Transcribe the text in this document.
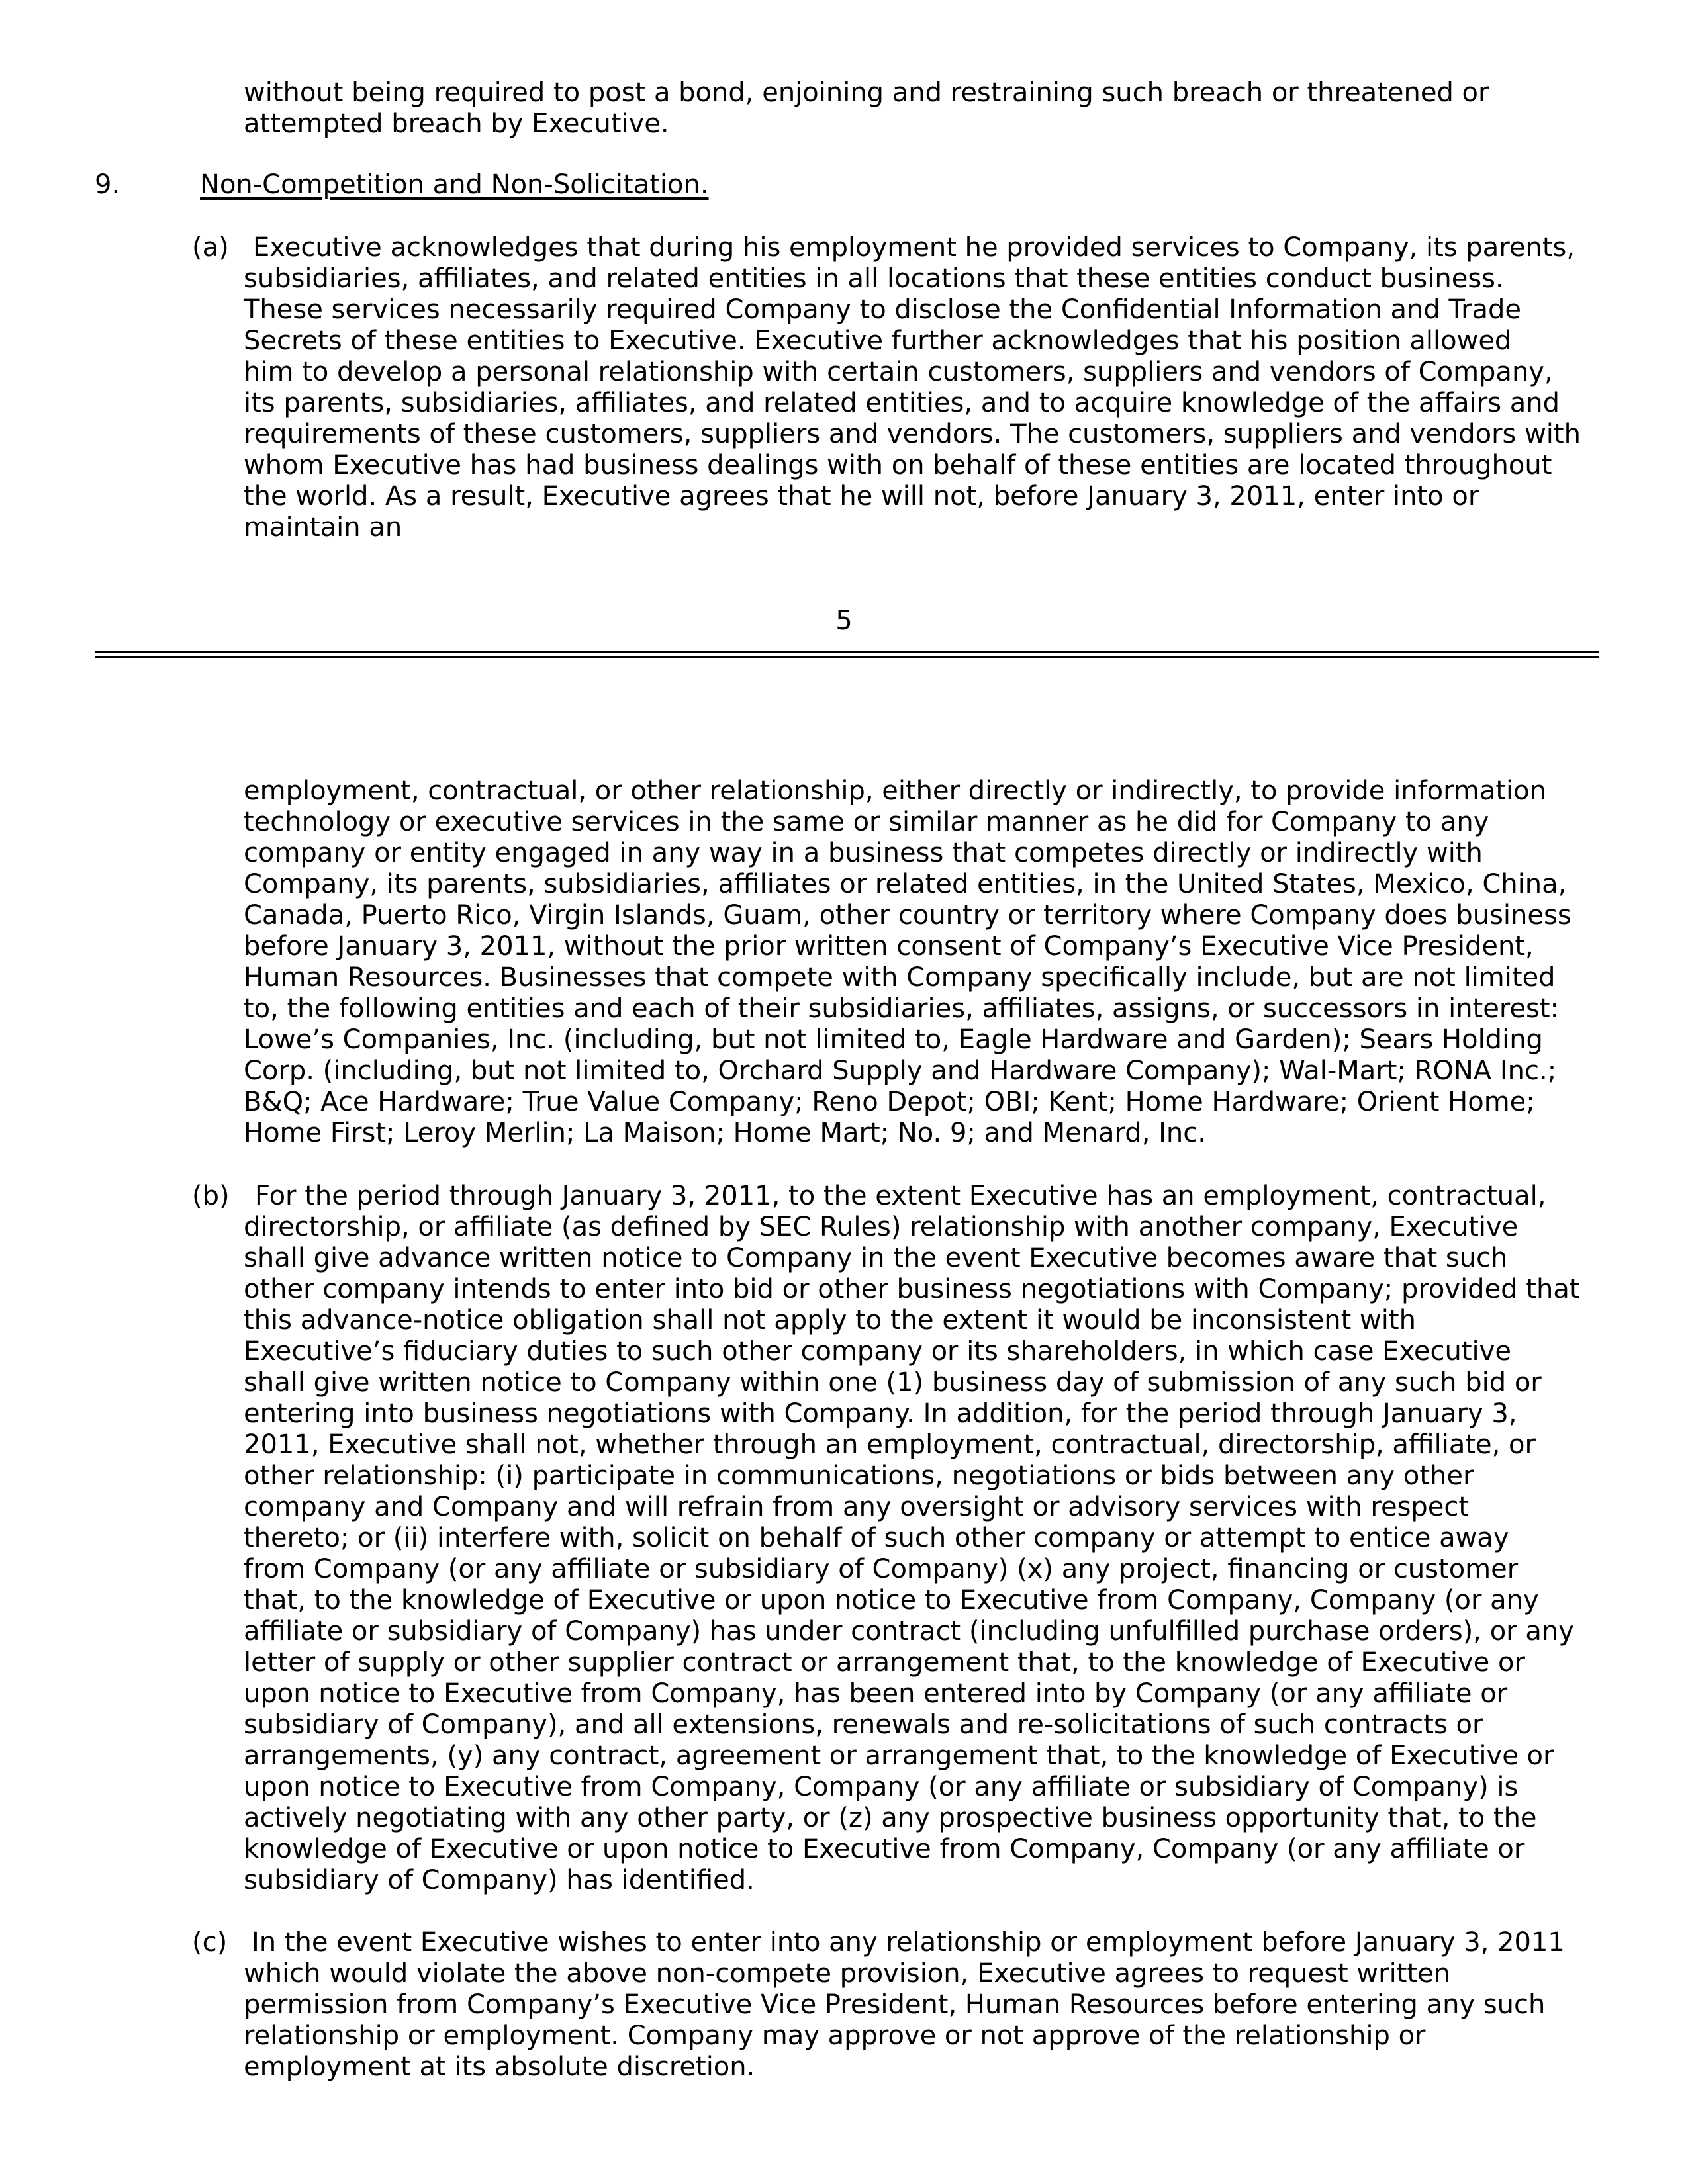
without being required to post a bond, enjoining and restraining such breach or threatened or
attempted breach by Executive.
9.	Non-Competition and Non-Solicitation.
(a) Executive acknowledges that during his employment he provided services to Company, its parents,
subsidiaries, affiliates, and related entities in all locations that these entities conduct business.
These services necessarily required Company to disclose the Confidential Information and Trade
Secrets of these entities to Executive. Executive further acknowledges that his position allowed
him to develop a personal relationship with certain customers, suppliers and vendors of Company,
its parents, subsidiaries, affiliates, and related entities, and to acquire knowledge of the affairs and
requirements of these customers, suppliers and vendors. The customers, suppliers and vendors with
whom Executive has had business dealings with on behalf of these entities are located throughout
the world. As a result, Executive agrees that he will not, before January 3, 2011, enter into or
maintain an
5
employment, contractual, or other relationship, either directly or indirectly, to provide information
technology or executive services in the same or similar manner as he did for Company to any
company or entity engaged in any way in a business that competes directly or indirectly with
Company, its parents, subsidiaries, affiliates or related entities, in the United States, Mexico, China,
Canada, Puerto Rico, Virgin Islands, Guam, other country or territory where Company does business
before January 3, 2011, without the prior written consent of Company’s Executive Vice President,
Human Resources. Businesses that compete with Company specifically include, but are not limited
to, the following entities and each of their subsidiaries, affiliates, assigns, or successors in interest:
Lowe’s Companies, Inc. (including, but not limited to, Eagle Hardware and Garden); Sears Holding
Corp. (including, but not limited to, Orchard Supply and Hardware Company); Wal-Mart; RONA Inc.;
B&Q; Ace Hardware; True Value Company; Reno Depot; OBI; Kent; Home Hardware; Orient Home;
Home First; Leroy Merlin; La Maison; Home Mart; No. 9; and Menard, Inc.
(b) For the period through January 3, 2011, to the extent Executive has an employment, contractual,
directorship, or affiliate (as defined by SEC Rules) relationship with another company, Executive
shall give advance written notice to Company in the event Executive becomes aware that such
other company intends to enter into bid or other business negotiations with Company; provided that
this advance-notice obligation shall not apply to the extent it would be inconsistent with
Executive’s fiduciary duties to such other company or its shareholders, in which case Executive
shall give written notice to Company within one (1) business day of submission of any such bid or
entering into business negotiations with Company. In addition, for the period through January 3,
2011, Executive shall not, whether through an employment, contractual, directorship, affiliate, or
other relationship: (i) participate in communications, negotiations or bids between any other
company and Company and will refrain from any oversight or advisory services with respect
thereto; or (ii) interfere with, solicit on behalf of such other company or attempt to entice away
from Company (or any affiliate or subsidiary of Company) (x) any project, financing or customer
that, to the knowledge of Executive or upon notice to Executive from Company, Company (or any
affiliate or subsidiary of Company) has under contract (including unfulfilled purchase orders), or any
letter of supply or other supplier contract or arrangement that, to the knowledge of Executive or
upon notice to Executive from Company, has been entered into by Company (or any affiliate or
subsidiary of Company), and all extensions, renewals and re-solicitations of such contracts or
arrangements, (y) any contract, agreement or arrangement that, to the knowledge of Executive or
upon notice to Executive from Company, Company (or any affiliate or subsidiary of Company) is
actively negotiating with any other party, or (z) any prospective business opportunity that, to the
knowledge of Executive or upon notice to Executive from Company, Company (or any affiliate or
subsidiary of Company) has identified.
(c) In the event Executive wishes to enter into any relationship or employment before January 3, 2011
which would violate the above non-compete provision, Executive agrees to request written
permission from Company’s Executive Vice President, Human Resources before entering any such
relationship or employment. Company may approve or not approve of the relationship or
employment at its absolute discretion.
